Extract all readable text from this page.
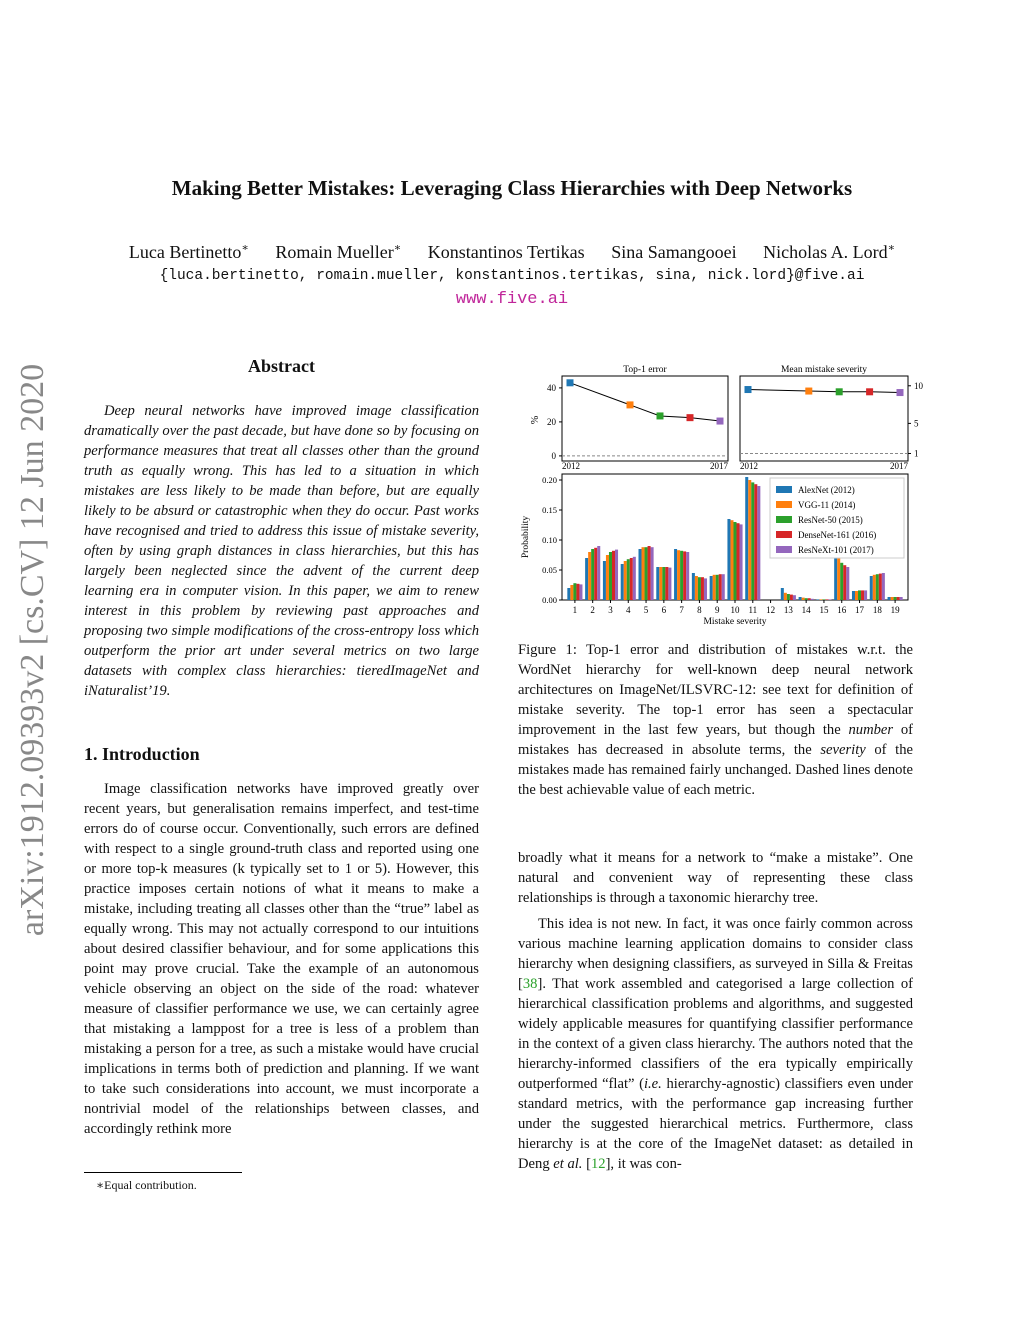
Making Better Mistakes: Leveraging Class Hierarchies with Deep Networks
Luca Bertinetto∗ Romain Mueller∗ Konstantinos Tertikas Sina Samangooei Nicholas A. Lord∗
{luca.bertinetto, romain.mueller, konstantinos.tertikas, sina, nick.lord}@five.ai
www.five.ai
arXiv:1912.09393v2 [cs.CV] 12 Jun 2020	Abstract
Deep neural networks have improved image classification dramatically over the past decade, but have done so by focusing on performance measures that treat all classes other than the ground truth as equally wrong. This has led to a situation in which mistakes are less likely to be made than before, but are equally likely to be absurd or catastrophic when they do occur. Past works have recognised and tried to address this issue of mistake severity, often by using graph distances in class hierarchies, but this has largely been neglected since the advent of the current deep learning era in computer vision. In this paper, we aim to renew interest in this problem by reviewing past approaches and proposing two simple modifications of the cross-entropy loss which outperform the prior art under several metrics on two large datasets with complex class hierarchies: tieredImageNet and iNaturalist’19.
1. Introduction
Image classification networks have improved greatly over recent years, but generalisation remains imperfect, and test-time errors do of course occur. Conventionally, such errors are defined with respect to a single ground-truth class and reported using one or more top-k measures (k typically set to 1 or 5). However, this practice imposes certain notions of what it means to make a mistake, including treating all classes other than the “true” label as equally wrong. This may not actually correspond to our intuitions about desired classifier behaviour, and for some applications this point may prove crucial. Take the example of an autonomous vehicle observing an object on the side of the road: whatever measure of classifier performance we use, we can certainly agree that mistaking a lamppost for a tree is less of a problem than mistaking a person for a tree, as such a mistake would have crucial implications in terms both of prediction and planning. If we want to take such considerations into account, we must incorporate a nontrivial model of the relationships between classes, and accordingly rethink more
∗Equal contribution.
Top-1 error
0
20
40
%
2012	2017
Mean mistake severity
1
5
10
2012	2017
0.00
0.05
0.10
0.15
0.20
1 2 3 4 5 6 7 8 9 10 11 12 13 14 15 16 17 18 19
Probability
Mistake severity
AlexNet (2012)
VGG-11 (2014)
ResNet-50 (2015)
DenseNet-161 (2016)
ResNeXt-101 (2017)
Figure 1: Top-1 error and distribution of mistakes w.r.t. the WordNet hierarchy for well-known deep neural network architectures on ImageNet/ILSVRC-12: see text for definition of mistake severity. The top-1 error has seen a spectacular improvement in the last few years, but though the number of mistakes has decreased in absolute terms, the severity of the mistakes made has remained fairly unchanged. Dashed lines denote the best achievable value of each metric.
broadly what it means for a network to “make a mistake”. One natural and convenient way of representing these class relationships is through a taxonomic hierarchy tree.
This idea is not new. In fact, it was once fairly common across various machine learning application domains to consider class hierarchy when designing classifiers, as surveyed in Silla & Freitas [38]. That work assembled and categorised a large collection of hierarchical classification problems and algorithms, and suggested widely applicable measures for quantifying classifier performance in the context of a given class hierarchy. The authors noted that the hierarchy-informed classifiers of the era typically empirically outperformed “flat” (i.e. hierarchy-agnostic) classifiers even under standard metrics, with the performance gap increasing further under the suggested hierarchical metrics. Furthermore, class hierarchy is at the core of the ImageNet dataset: as detailed in Deng et al. [12], it was con-
